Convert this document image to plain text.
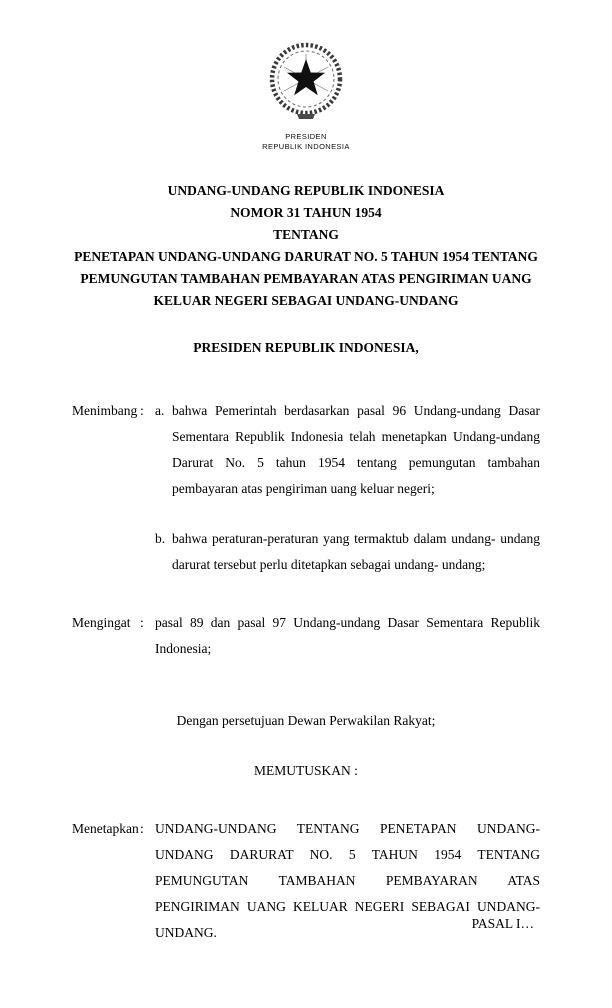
PRESIDEN
REPUBLIK INDONESIA
UNDANG-UNDANG REPUBLIK INDONESIA
NOMOR 31 TAHUN 1954
TENTANG
PENETAPAN UNDANG-UNDANG DARURAT NO. 5 TAHUN 1954 TENTANG
PEMUNGUTAN TAMBAHAN PEMBAYARAN ATAS PENGIRIMAN UANG
KELUAR NEGERI SEBAGAI UNDANG-UNDANG
PRESIDEN REPUBLIK INDONESIA,
Menimbang : a. bahwa Pemerintah berdasarkan pasal 96 Undang-undang Dasar Sementara Republik Indonesia telah menetapkan Undang-undang Darurat No. 5 tahun 1954 tentang pemungutan tambahan pembayaran atas pengiriman uang keluar negeri;
b. bahwa peraturan-peraturan yang termaktub dalam undang- undang darurat tersebut perlu ditetapkan sebagai undang- undang;
Mengingat : pasal 89 dan pasal 97 Undang-undang Dasar Sementara Republik Indonesia;
Dengan persetujuan Dewan Perwakilan Rakyat;
MEMUTUSKAN :
Menetapkan : UNDANG-UNDANG TENTANG PENETAPAN UNDANG-UNDANG DARURAT NO. 5 TAHUN 1954 TENTANG PEMUNGUTAN TAMBAHAN PEMBAYARAN ATAS PENGIRIMAN UANG KELUAR NEGERI SEBAGAI UNDANG-UNDANG.
PASAL I…
